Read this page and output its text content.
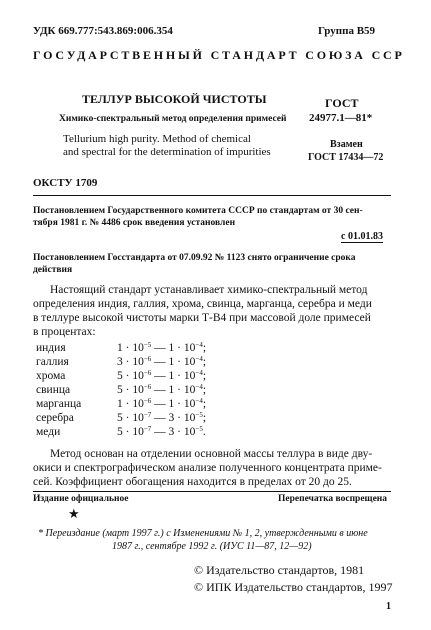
УДК 669.777:543.869:006.354	Группа B59
ГОСУДАРСТВЕННЫЙ СТАНДАРТ СОЮЗА ССР
ТЕЛЛУР ВЫСОКОЙ ЧИСТОТЫ
Химико-спектральный метод определения примесей
Tellurium high purity. Method of chemical
and spectral for the determination of impurities
ГОСТ
24977.1—81*
Взамен
ГОСТ 17434—72
ОКСТУ 1709
Постановлением Государственного комитета СССР по стандартам от 30 сен-
тября 1981 г. № 4486 срок введения установлен
с 01.01.83
Постановлением Госстандарта от 07.09.92 № 1123 снято ограничение срока
действия
Настоящий стандарт устанавливает химико-спектральный метод
определения индия, галлия, хрома, свинца, марганца, серебра и меди
в теллуре высокой чистоты марки Т-В4 при массовой доле примесей
в процентах:
индия	$1 \cdot 10^{-5}$ — $1 \cdot 10^{-4}$;
галлия	$3 \cdot 10^{-6}$ — $1 \cdot 10^{-4}$;
хрома	$5 \cdot 10^{-6}$ — $1 \cdot 10^{-4}$;
свинца	$5 \cdot 10^{-6}$ — $1 \cdot 10^{-4}$;
марганца	$1 \cdot 10^{-6}$ — $1 \cdot 10^{-4}$;
серебра	$5 \cdot 10^{-7}$ — $3 \cdot 10^{-5}$;
меди	$5 \cdot 10^{-7}$ — $3 \cdot 10^{-5}$.
Метод основан на отделении основной массы теллура в виде дву-
окиси и спектрографическом анализе полученного концентрата приме-
сей. Коэффициент обогащения находится в пределах от 20 до 25.
Издание официальное	Перепечатка воспрещена
★
* Переиздание (март 1997 г.) с Изменениями № 1, 2, утвержденными в июне
1987 г., сентябре 1992 г. (ИУС 11—87, 12—92)
© Издательство стандартов, 1981
© ИПК Издательство стандартов, 1997
1
